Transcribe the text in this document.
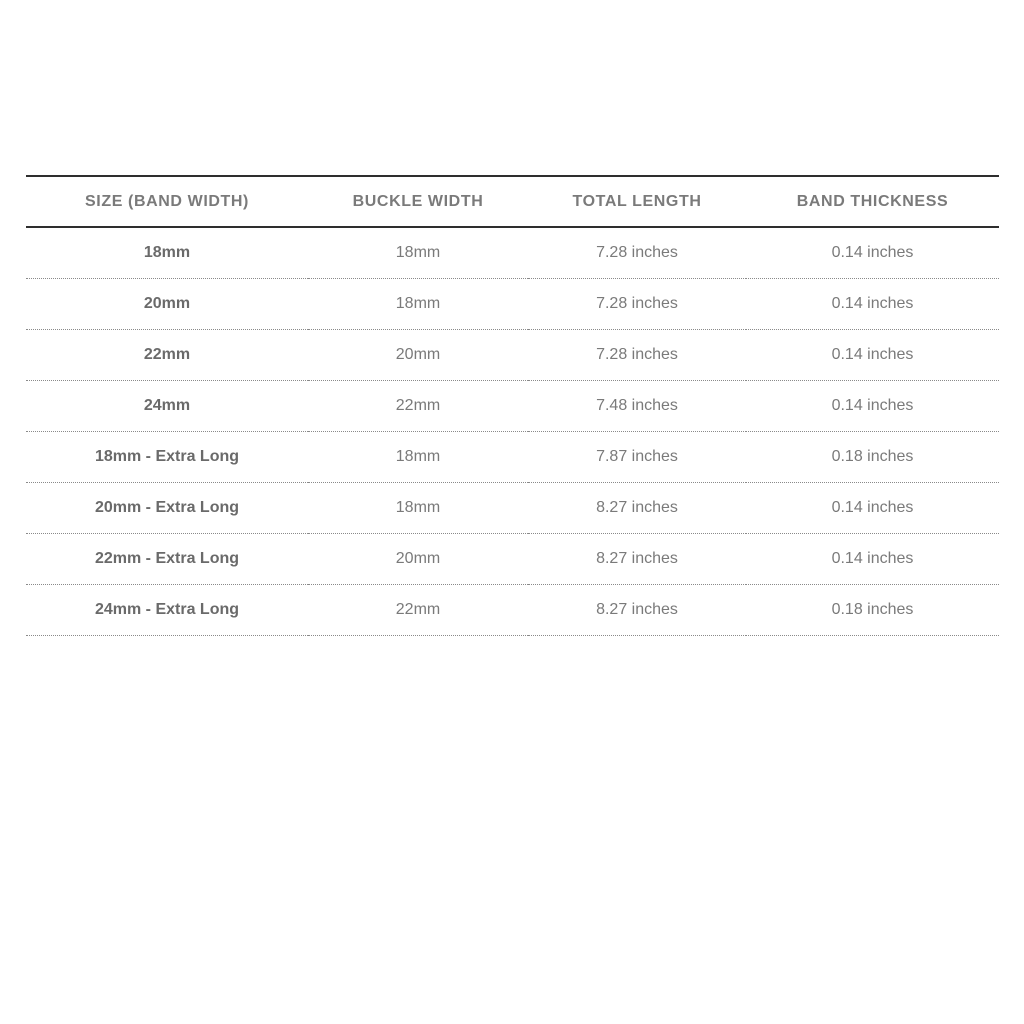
SIZE (BAND WIDTH)	BUCKLE WIDTH	TOTAL LENGTH	BAND THICKNESS
18mm	18mm	7.28 inches	0.14 inches
20mm	18mm	7.28 inches	0.14 inches
22mm	20mm	7.28 inches	0.14 inches
24mm	22mm	7.48 inches	0.14 inches
18mm - Extra Long	18mm	7.87 inches	0.18 inches
20mm - Extra Long	18mm	8.27 inches	0.14 inches
22mm - Extra Long	20mm	8.27 inches	0.14 inches
24mm - Extra Long	22mm	8.27 inches	0.18 inches
